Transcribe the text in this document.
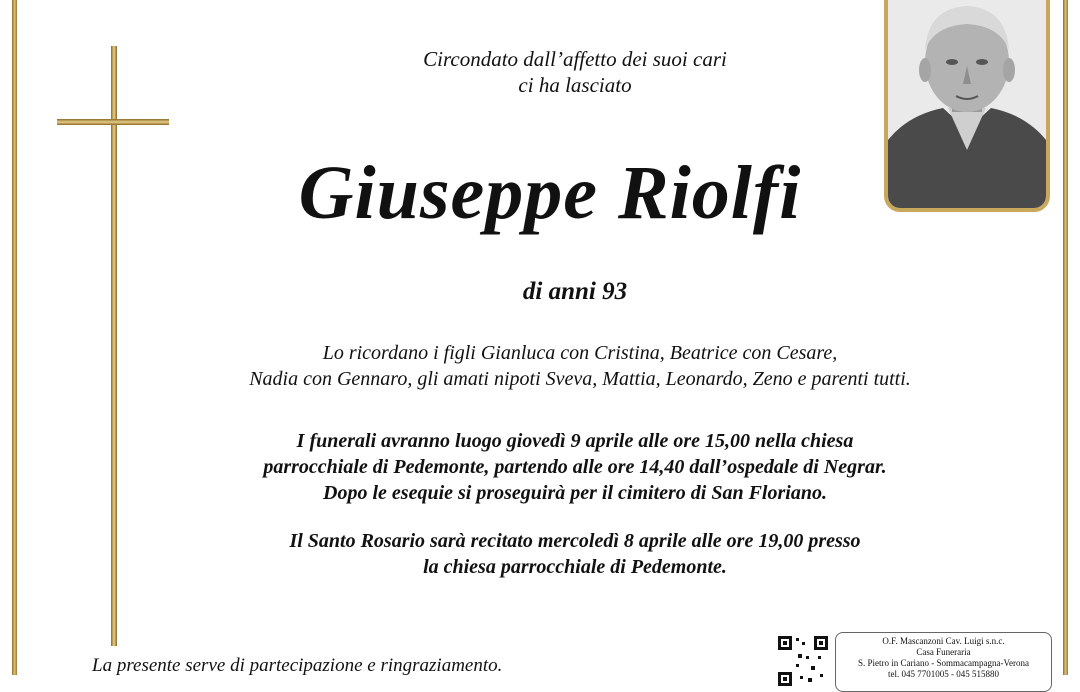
Circondato dall’affetto dei suoi cari
ci ha lasciato
Giuseppe Riolfi
di anni 93
Lo ricordano i figli Gianluca con Cristina, Beatrice con Cesare,
Nadia con Gennaro, gli amati nipoti Sveva, Mattia, Leonardo, Zeno e parenti tutti.
I funerali avranno luogo giovedì 9 aprile alle ore 15,00 nella chiesa
parrocchiale di Pedemonte, partendo alle ore 14,40 dall’ospedale di Negrar.
Dopo le esequie si proseguirà per il cimitero di San Floriano.
Il Santo Rosario sarà recitato mercoledì 8 aprile alle ore 19,00 presso
la chiesa parrocchiale di Pedemonte.
La presente serve di partecipazione e ringraziamento.
O.F. Mascanzoni Cav. Luigi s.n.c.
Casa Funeraria
S. Pietro in Cariano - Sommacampagna-Verona
tel. 045 7701005 - 045 515880
